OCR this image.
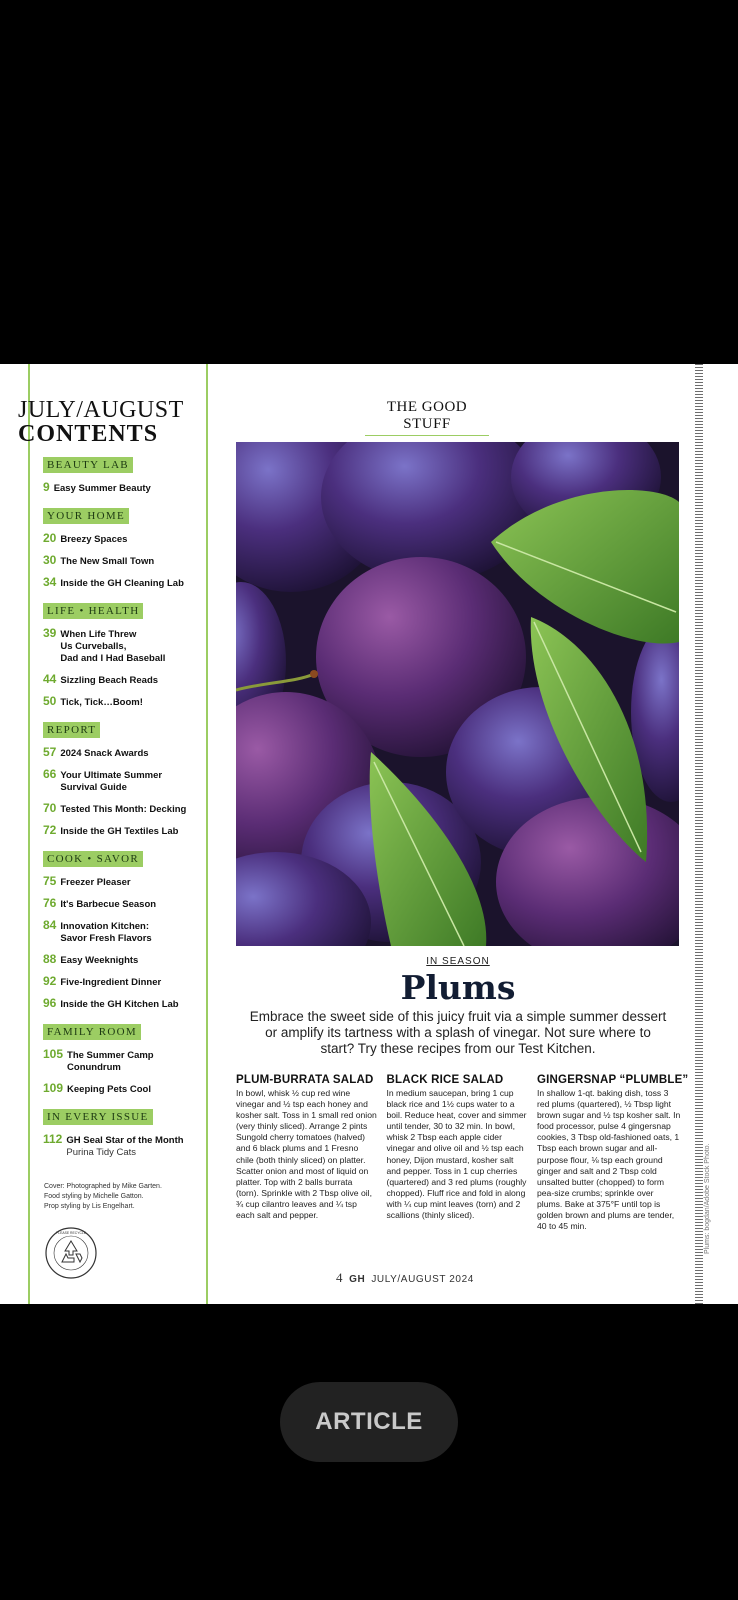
JULY/AUGUST
CONTENTS
BEAUTY LAB
9 Easy Summer Beauty
YOUR HOME
20 Breezy Spaces
30 The New Small Town
34 Inside the GH Cleaning Lab
LIFE • HEALTH
39 When Life Threw
Us Curveballs,
Dad and I Had Baseball
44 Sizzling Beach Reads
50 Tick, Tick…Boom!
REPORT
57 2024 Snack Awards
66 Your Ultimate Summer
Survival Guide
70 Tested This Month: Decking
72 Inside the GH Textiles Lab
COOK • SAVOR
75 Freezer Pleaser
76 It's Barbecue Season
84 Innovation Kitchen:
Savor Fresh Flavors
88 Easy Weeknights
92 Five-Ingredient Dinner
96 Inside the GH Kitchen Lab
FAMILY ROOM
105 The Summer Camp
Conundrum
109 Keeping Pets Cool
IN EVERY ISSUE
112 GH Seal Star of the Month
Purina Tidy Cats
Cover: Photographed by Mike Garten.
Food styling by Michelle Gatton.
Prop styling by Lis Engelhart.
PLEASE RECYCLE
THE GOOD STUFF
IN SEASON
Plums
Embrace the sweet side of this juicy fruit via a simple summer dessert or amplify its tartness with a splash of vinegar. Not sure where to start? Try these recipes from our Test Kitchen.
PLUM-BURRATA SALAD

In bowl, whisk ½ cup red wine vinegar and ½ tsp each honey and kosher salt. Toss in 1 small red onion (very thinly sliced). Arrange 2 pints Sungold cherry tomatoes (halved) and 6 black plums and 1 Fresno chile (both thinly sliced) on platter. Scatter onion and most of liquid on platter. Top with 2 balls burrata (torn). Sprinkle with 2 Tbsp olive oil, ¾ cup cilantro leaves and ¼ tsp each salt and pepper.

BLACK RICE SALAD

In medium saucepan, bring 1 cup black rice and 1½ cups water to a boil. Reduce heat, cover and simmer until tender, 30 to 32 min. In bowl, whisk 2 Tbsp each apple cider vinegar and olive oil and ½ tsp each honey, Dijon mustard, kosher salt and pepper. Toss in 1 cup cherries (quartered) and 3 red plums (roughly chopped). Fluff rice and fold in along with ¼ cup mint leaves (torn) and 2 scallions (thinly sliced).

GINGERSNAP “PLUMBLE”

In shallow 1-qt. baking dish, toss 3 red plums (quartered), ½ Tbsp light brown sugar and ½ tsp kosher salt. In food processor, pulse 4 gingersnap cookies, 3 Tbsp old-fashioned oats, 1 Tbsp each brown sugar and all-purpose flour, ⅛ tsp each ground ginger and salt and 2 Tbsp cold unsalted butter (chopped) to form pea-size crumbs; sprinkle over plums. Bake at 375°F until top is golden brown and plums are tender, 40 to 45 min.

4 GH JULY/AUGUST 2024
Plums: bogdan/Adobe Stock Photo.
ARTICLE
